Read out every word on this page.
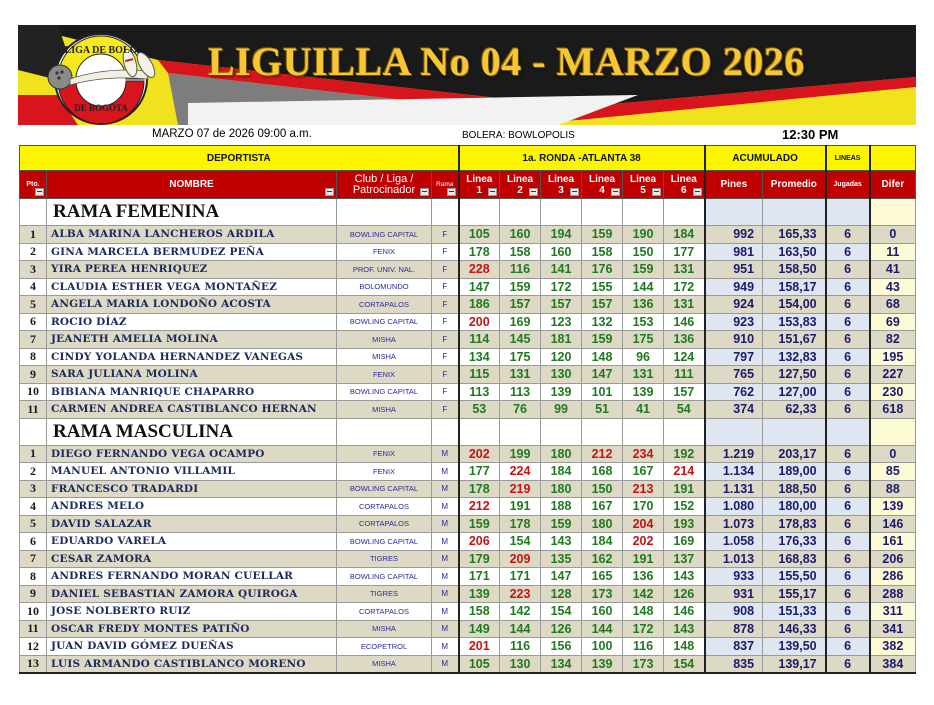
LIGA DE BOLO
DE BOGOTA
LIGUILLA No 04 - MARZO 2026
MARZO 07 de 2026 09:00 a.m.	BOLERA: BOWLOPOLIS	12:30 PM
DEPORTISTA				1a. RONDA -ATLANTA 38						ACUMULADO		LINEAS	
Pto.	NOMBRE	Club / Liga / Patrocinador	Rama	Linea 1	Linea 2	Linea 3	Linea 4	Linea 5	Linea 6	Pines	Promedio	Jugadas	Difer
	RAMA FEMENINA												
1	ALBA MARINA LANCHEROS ARDILA	BOWLING CAPITAL	F	105	160	194	159	190	184	992	165,33	6	0
2	GINA MARCELA BERMUDEZ PEÑA	FENIX	F	178	158	160	158	150	177	981	163,50	6	11
3	YIRA PEREA HENRIQUEZ	PROF. UNIV. NAL.	F	228	116	141	176	159	131	951	158,50	6	41
4	CLAUDIA ESTHER VEGA MONTAÑEZ	BOLOMUNDO	F	147	159	172	155	144	172	949	158,17	6	43
5	ANGELA MARIA LONDOÑO ACOSTA	CORTAPALOS	F	186	157	157	157	136	131	924	154,00	6	68
6	ROCIO DÍAZ	BOWLING CAPITAL	F	200	169	123	132	153	146	923	153,83	6	69
7	JEANETH AMELIA MOLINA	MISHA	F	114	145	181	159	175	136	910	151,67	6	82
8	CINDY YOLANDA HERNANDEZ VANEGAS	MISHA	F	134	175	120	148	96	124	797	132,83	6	195
9	SARA JULIANA MOLINA	FENIX	F	115	131	130	147	131	111	765	127,50	6	227
10	BIBIANA MANRIQUE CHAPARRO	BOWLING CAPITAL	F	113	113	139	101	139	157	762	127,00	6	230
11	CARMEN ANDREA CASTIBLANCO HERNAN	MISHA	F	53	76	99	51	41	54	374	62,33	6	618
	RAMA MASCULINA												
1	DIEGO FERNANDO VEGA OCAMPO	FENIX	M	202	199	180	212	234	192	1.219	203,17	6	0
2	MANUEL ANTONIO VILLAMIL	FENIX	M	177	224	184	168	167	214	1.134	189,00	6	85
3	FRANCESCO TRADARDI	BOWLING CAPITAL	M	178	219	180	150	213	191	1.131	188,50	6	88
4	ANDRES MELO	CORTAPALOS	M	212	191	188	167	170	152	1.080	180,00	6	139
5	DAVID SALAZAR	CORTAPALOS	M	159	178	159	180	204	193	1.073	178,83	6	146
6	EDUARDO VARELA	BOWLING CAPITAL	M	206	154	143	184	202	169	1.058	176,33	6	161
7	CESAR ZAMORA	TIGRES	M	179	209	135	162	191	137	1.013	168,83	6	206
8	ANDRES FERNANDO MORAN CUELLAR	BOWLING CAPITAL	M	171	171	147	165	136	143	933	155,50	6	286
9	DANIEL SEBASTIAN ZAMORA QUIROGA	TIGRES	M	139	223	128	173	142	126	931	155,17	6	288
10	JOSE NOLBERTO RUIZ	CORTAPALOS	M	158	142	154	160	148	146	908	151,33	6	311
11	OSCAR FREDY MONTES PATIÑO	MISHA	M	149	144	126	144	172	143	878	146,33	6	341
12	JUAN DAVID GÓMEZ DUEÑAS	ECOPETROL	M	201	116	156	100	116	148	837	139,50	6	382
13	LUIS ARMANDO CASTIBLANCO MORENO	MISHA	M	105	130	134	139	173	154	835	139,17	6	384
